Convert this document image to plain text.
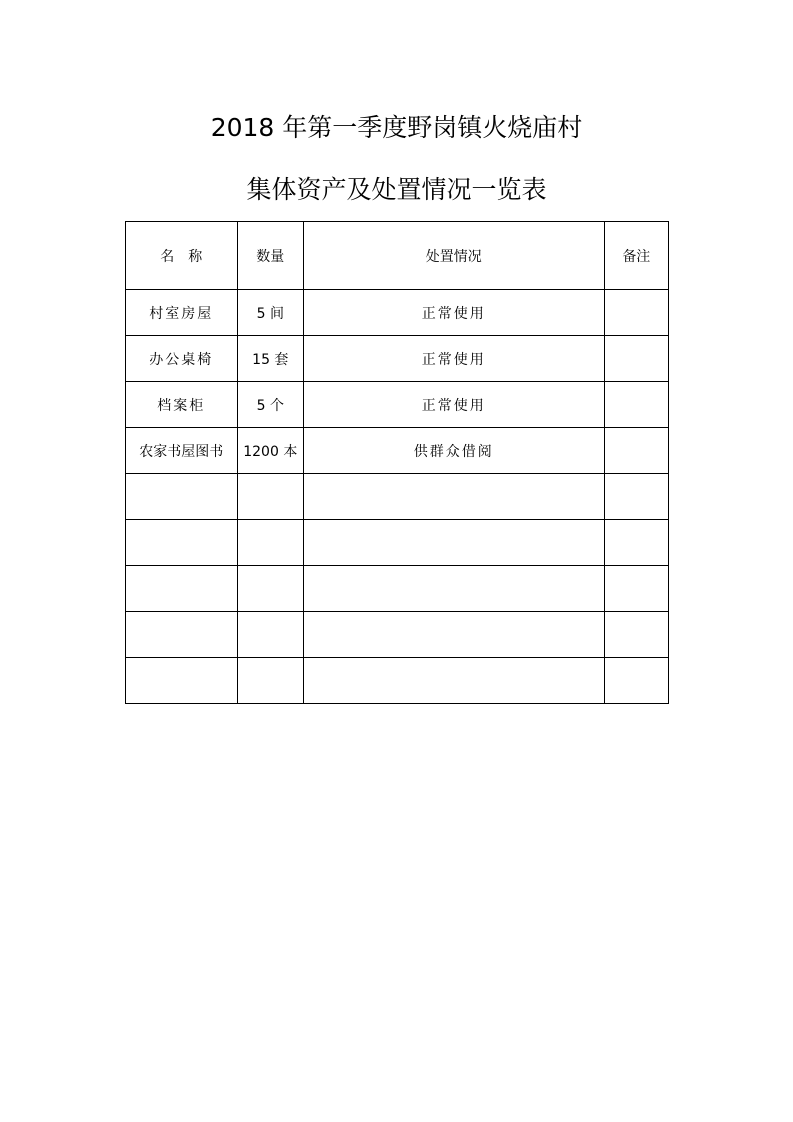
2018 年第一季度野岗镇火烧庙村
集体资产及处置情况一览表
名　称	数量	处置情况	备注
村室房屋	5 间	正常使用	
办公桌椅	15 套	正常使用	
档案柜	5 个	正常使用	
农家书屋图书	1200 本	供群众借阅	
